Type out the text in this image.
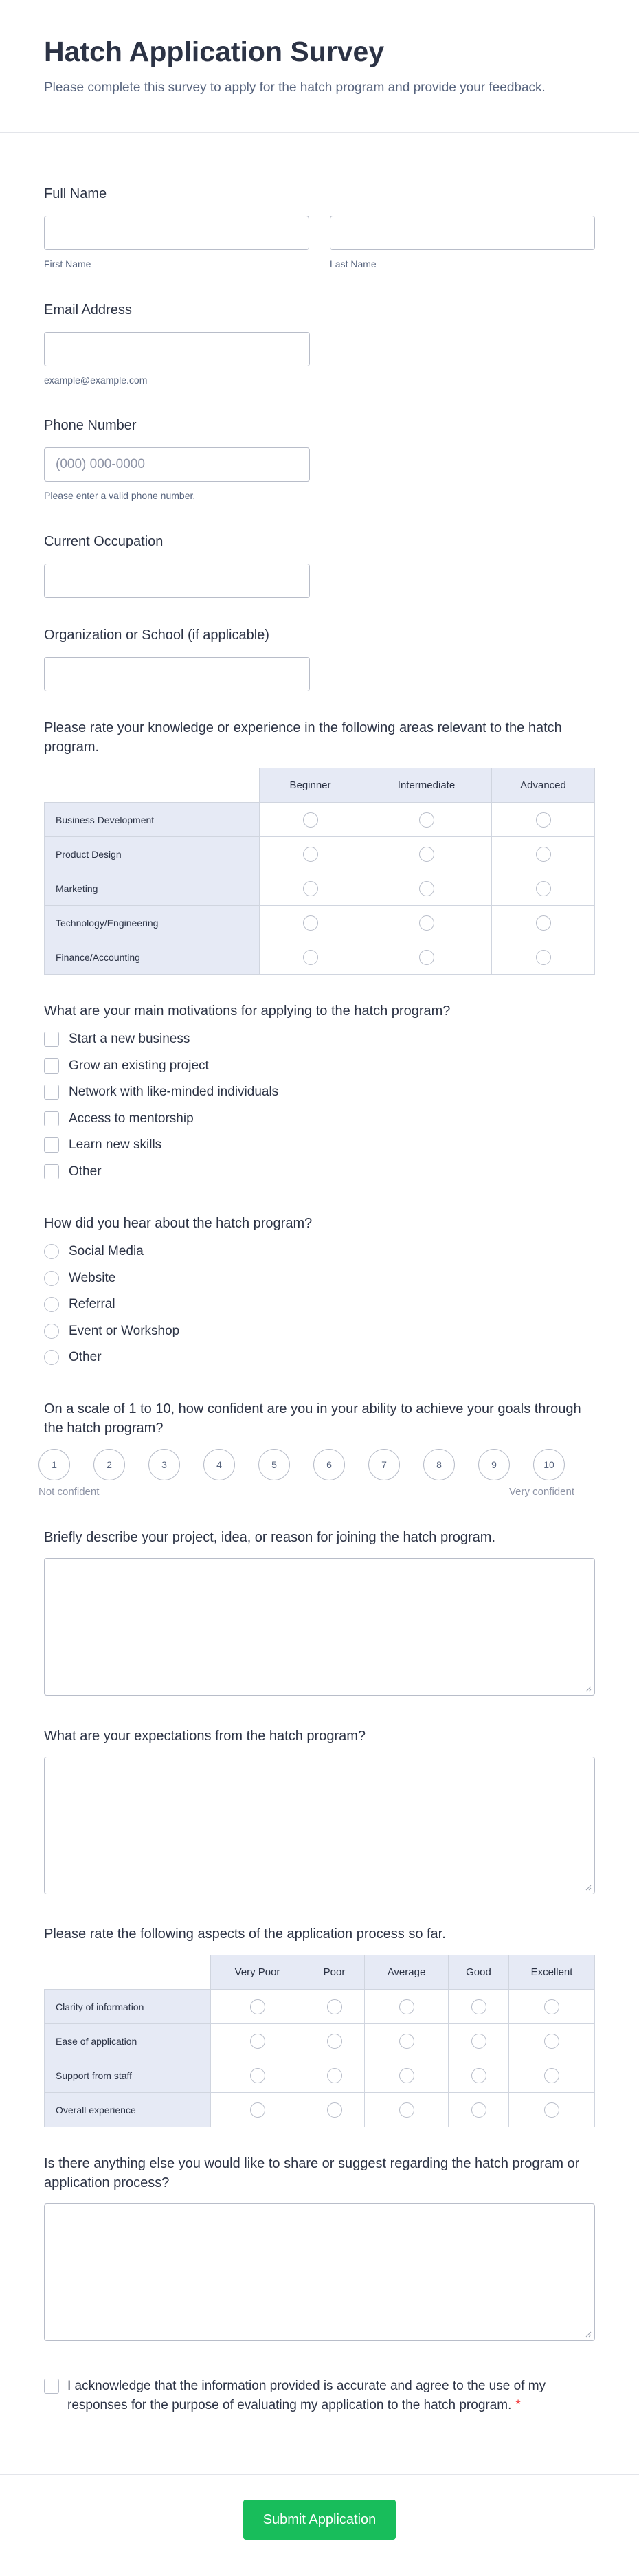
Hatch Application Survey

Please complete this survey to apply for the hatch program and provide your feedback.

Full Name
First Name	Last Name
Email Address
example@example.com
Phone Number
(000) 000-0000
Please enter a valid phone number.
Current Occupation
Organization or School (if applicable)
Please rate your knowledge or experience in the following areas relevant to the hatch program.
	Beginner	Intermediate	Advanced
Business Development			
Product Design			
Marketing			
Technology/Engineering			
Finance/Accounting			
What are your main motivations for applying to the hatch program?
Start a new business
Grow an existing project
Network with like-minded individuals
Access to mentorship
Learn new skills
Other
How did you hear about the hatch program?
Social Media
Website
Referral
Event or Workshop
Other
On a scale of 1 to 10, how confident are you in your ability to achieve your goals through the hatch program?
1	2	3	4	5	6	7	8	9	10
Not confident	Very confident
Briefly describe your project, idea, or reason for joining the hatch program.
What are your expectations from the hatch program?
Please rate the following aspects of the application process so far.
	Very Poor	Poor	Average	Good	Excellent
Clarity of information					
Ease of application					
Support from staff					
Overall experience					
Is there anything else you would like to share or suggest regarding the hatch program or application process?
I acknowledge that the information provided is accurate and agree to the use of my responses for the purpose of evaluating my application to the hatch program. *
Submit Application
